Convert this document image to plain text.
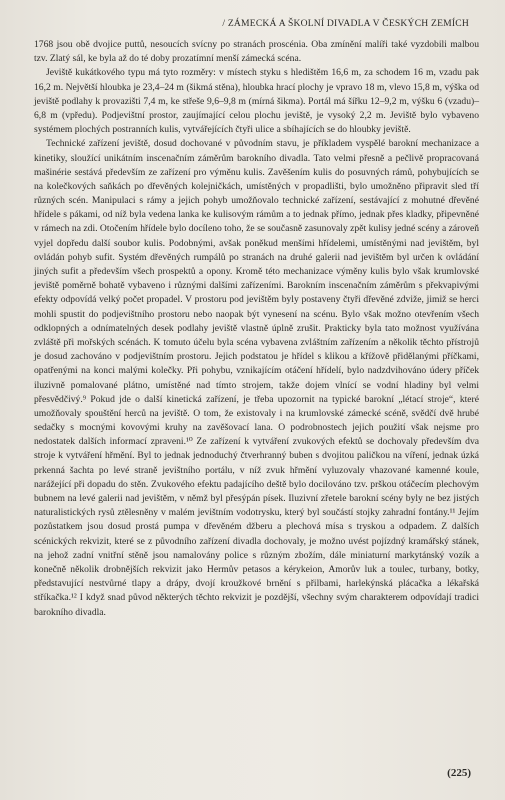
/ ZÁMECKÁ A ŠKOLNÍ DIVADLA V ČESKÝCH ZEMÍCH

1768 jsou obě dvojice puttů, nesoucích svícny po stranách proscénia. Oba zmínění malíři také vyzdobili malbou tzv. Zlatý sál, ke byla až do té doby prozatímní menší zámecká scéna.

Jeviště kukátkového typu má tyto rozměry: v místech styku s hledištěm 16,6 m, za schodem 16 m, vzadu pak 16,2 m. Největší hloubka je 23,4–24 m (šikmá stěna), hloubka hrací plochy je vpravo 18 m, vlevo 15,8 m, výška od jeviště podlahy k provazišti 7,4 m, ke střeše 9,6–9,8 m (mírná šikma). Portál má šířku 12–9,2 m, výšku 6 (vzadu)–6,8 m (vpředu). Podjevištní prostor, zaujímající celou plochu jeviště, je vysoký 2,2 m. Jeviště bylo vybaveno systémem plochých postranních kulis, vytvářejících čtyři ulice a sbíhajících se do hloubky jeviště.

Technické zařízení jeviště, dosud dochované v původním stavu, je příkladem vyspělé barokní mechanizace a kinetiky, sloužící unikátním inscenačním záměrům barokního divadla. Tato velmi přesně a pečlivě propracovaná mašinérie sestává především ze zařízení pro výměnu kulis. Zavěšením kulis do posuvných rámů, pohybujících se na kolečkových saňkách po dřevěných kolejničkách, umístěných v propadlišti, bylo umožněno připravit sled tří různých scén. Manipulaci s rámy a jejich pohyb umožňovalo technické zařízení, sestávající z mohutné dřevěné hřídele s pákami, od níž byla vedena lanka ke kulisovým rámům a to jednak přímo, jednak přes kladky, připevněné v rámech na zdi. Otočením hřídele bylo docíleno toho, že se současně zasunovaly zpět kulisy jedné scény a zároveň vyjel dopředu další soubor kulis. Podobnými, avšak poněkud menšími hřídelemi, umístěnými nad jevištěm, byl ovládán pohyb sufit. Systém dřevěných rumpálů po stranách na druhé galerii nad jevištěm byl určen k ovládání jiných sufit a především všech prospektů a opony. Kromě této mechanizace výměny kulis bylo však krumlovské jeviště poměrně bohatě vybaveno i různými dalšími zařízeními. Barokním inscenačním záměrům s překvapivými efekty odpovídá velký počet propadel. V prostoru pod jevištěm byly postaveny čtyři dřevěné zdviže, jimiž se herci mohli spustit do podjevištního prostoru nebo naopak být vynesení na scénu. Bylo však možno otevřením všech odklopných a odnímatelných desek podlahy jeviště vlastně úplně zrušit. Prakticky byla tato možnost využívána zvláště při mořských scénách. K tomuto účelu byla scéna vybavena zvláštním zařízením a několik těchto přístrojů je dosud zachováno v podjevištním prostoru. Jejich podstatou je hřídel s klikou a křížově přidělanými příčkami, opatřenými na konci malými kolečky. Při pohybu, vznikajícím otáčení hřídelí, bylo nadzdvihováno údery příček iluzivně pomalované plátno, umístěné nad tímto strojem, takže dojem vlnící se vodní hladiny byl velmi přesvědčivý.⁹ Pokud jde o další kinetická zařízení, je třeba upozornit na typické barokní „létací stroje“, které umožňovaly spouštění herců na jeviště. O tom, že existovaly i na krumlovské zámecké scéně, svědčí dvě hrubé sedačky s mocnými kovovými kruhy na zavěšovací lana. O podrobnostech jejich použití však nejsme pro nedostatek dalších informací zpraveni.¹⁰ Ze zařízení k vytváření zvukových efektů se dochovaly především dva stroje k vytváření hřmění. Byl to jednak jednoduchý čtverhranný buben s dvojitou paličkou na víření, jednak úzká prkenná šachta po levé straně jevištního portálu, v níž zvuk hřmění vyluzovaly vhazované kamenné koule, narážející při dopadu do stěn. Zvukového efektu padajícího deště bylo docilováno tzv. prškou otáčecím plechovým bubnem na levé galerii nad jevištěm, v němž byl přesýpán písek. Iluzivní zřetele barokní scény byly ne bez jistých naturalistických rysů ztělesněny v malém jevištním vodotrysku, který byl součástí stojky zahradní fontány.¹¹ Jejím pozůstatkem jsou dosud prostá pumpa v dřevěném džberu a plechová mísa s tryskou a odpadem. Z dalších scénických rekvizit, které se z původního zařízení divadla dochovaly, je možno uvést pojízdný kramářský stánek, na jehož zadní vnitřní stěně jsou namalovány police s různým zbožím, dále miniaturní markytánský vozík a konečně několik drobnějších rekvizit jako Hermův petasos a kérykeion, Amorův luk a toulec, turbany, botky, představující nestvůrné tlapy a drápy, dvojí kroužkové brnění s přilbami, harlekýnská plácačka a lékařská stříkačka.¹² I když snad původ některých těchto rekvizit je pozdější, všechny svým charakterem odpovídají tradici barokního divadla.

(225)
